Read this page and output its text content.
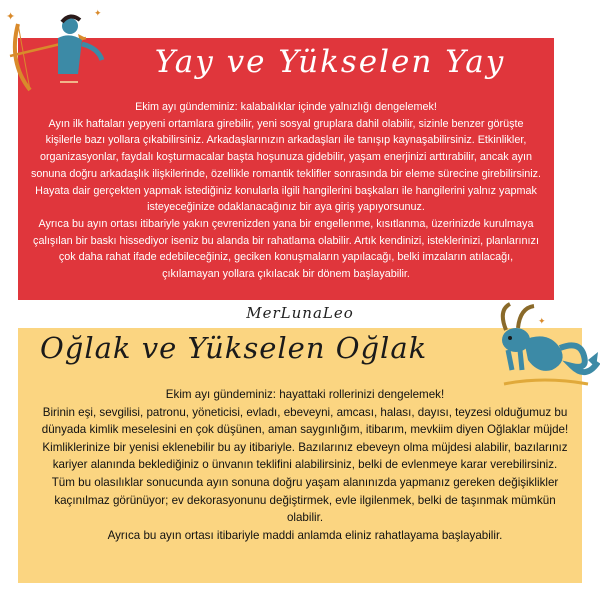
✦	✦
Yay ve Yükselen Yay

Ekim ayı gündeminiz: kalabalıklar içinde yalnızlığı dengelemek!

Ayın ilk haftaları yepyeni ortamlara girebilir, yeni sosyal gruplara dahil olabilir, sizinle benzer görüşte kişilerle bazı yollara çıkabilirsiniz. Arkadaşlarınızın arkadaşları ile tanışıp kaynaşabilirsiniz. Etkinlikler, organizasyonlar, faydalı koşturmacalar başta hoşunuza gidebilir, yaşam enerjinizi arttırabilir, ancak ayın sonuna doğru arkadaşlık ilişkilerinde, özellikle romantik teklifler sonrasında bir eleme sürecine girebilirsiniz. Hayata dair gerçekten yapmak istediğiniz konularla ilgili hangilerini başkaları ile hangilerini yalnız yapmak isteyeceğinize odaklanacağınız bir aya giriş yapıyorsunuz.

Ayrıca bu ayın ortası itibariyle yakın çevrenizden yana bir engellenme, kısıtlanma, üzerinizde kurulmaya çalışılan bir baskı hissediyor iseniz bu alanda bir rahatlama olabilir. Artık kendinizi, isteklerinizi, planlarınızı çok daha rahat ifade edebileceğiniz, geciken konuşmaların yapılacağı, belki imzaların atılacağı, çıkılamayan yollara çıkılacak bir dönem başlayabilir.

MerLunaLeo	✦
Oğlak ve Yükselen Oğlak

Ekim ayı gündeminiz: hayattaki rollerinizi dengelemek!

Birinin eşi, sevgilisi, patronu, yöneticisi, evladı, ebeveyni, amcası, halası, dayısı, teyzesi olduğumuz bu dünyada kimlik meselesini en çok düşünen, aman saygınlığım, itibarım, mevkiim diyen Oğlaklar müjde! Kimliklerinize bir yenisi eklenebilir bu ay itibariyle. Bazılarınız ebeveyn olma müjdesi alabilir, bazılarınız kariyer alanında beklediğiniz o ünvanın teklifini alabilirsiniz, belki de evlenmeye karar verebilirsiniz. Tüm bu olasılıklar sonucunda ayın sonuna doğru yaşam alanınızda yapmanız gereken değişiklikler kaçınılmaz görünüyor; ev dekorasyonunu değiştirmek, evle ilgilenmek, belki de taşınmak mümkün olabilir.

Ayrıca bu ayın ortası itibariyle maddi anlamda eliniz rahatlayama başlayabilir.
